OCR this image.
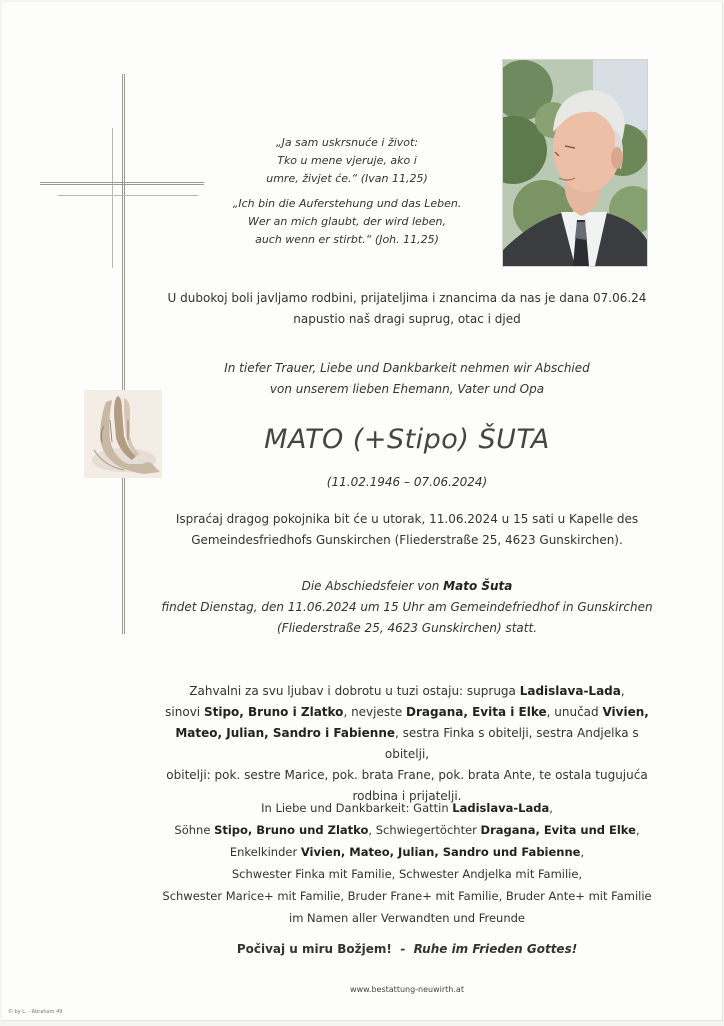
„Ja sam uskrsnuće i život:
Tko u mene vjeruje, ako i
umre, živjet će.“ (Ivan 11,25)
„Ich bin die Auferstehung und das Leben.
Wer an mich glaubt, der wird leben,
auch wenn er stirbt.“ (Joh. 11,25)
U dubokoj boli javljamo rodbini, prijateljima i znancima da nas je dana 07.06.24
napustio naš dragi suprug, otac i djed
In tiefer Trauer, Liebe und Dankbarkeit nehmen wir Abschied
von unserem lieben Ehemann, Vater und Opa
MATO (+Stipo) ŠUTA
(11.02.1946 – 07.06.2024)
Ispraćaj dragog pokojnika bit će u utorak, 11.06.2024 u 15 sati u Kapelle des
Gemeindesfriedhofs Gunskirchen (Fliederstraße 25, 4623 Gunskirchen).
Die Abschiedsfeier von Mato Šuta
findet Dienstag, den 11.06.2024 um 15 Uhr am Gemeindefriedhof in Gunskirchen
(Fliederstraße 25, 4623 Gunskirchen) statt.
Zahvalni za svu ljubav i dobrotu u tuzi ostaju: supruga Ladislava-Lada,
sinovi Stipo, Bruno i Zlatko, nevjeste Dragana, Evita i Elke, unučad Vivien,
Mateo, Julian, Sandro i Fabienne, sestra Finka s obitelji, sestra Andjelka s obitelji,
obitelji: pok. sestre Marice, pok. brata Frane, pok. brata Ante, te ostala tugujuća
rodbina i prijatelji.
In Liebe und Dankbarkeit: Gattin Ladislava-Lada,
Söhne Stipo, Bruno und Zlatko, Schwiegertöchter Dragana, Evita und Elke,
Enkelkinder Vivien, Mateo, Julian, Sandro und Fabienne,
Schwester Finka mit Familie, Schwester Andjelka mit Familie,
Schwester Marice+ mit Familie, Bruder Frane+ mit Familie, Bruder Ante+ mit Familie
im Namen aller Verwandten und Freunde
Počivaj u miru Božjem!  -  Ruhe im Frieden Gottes!
www.bestattung-neuwirth.at
© by L. - Abraham 49
